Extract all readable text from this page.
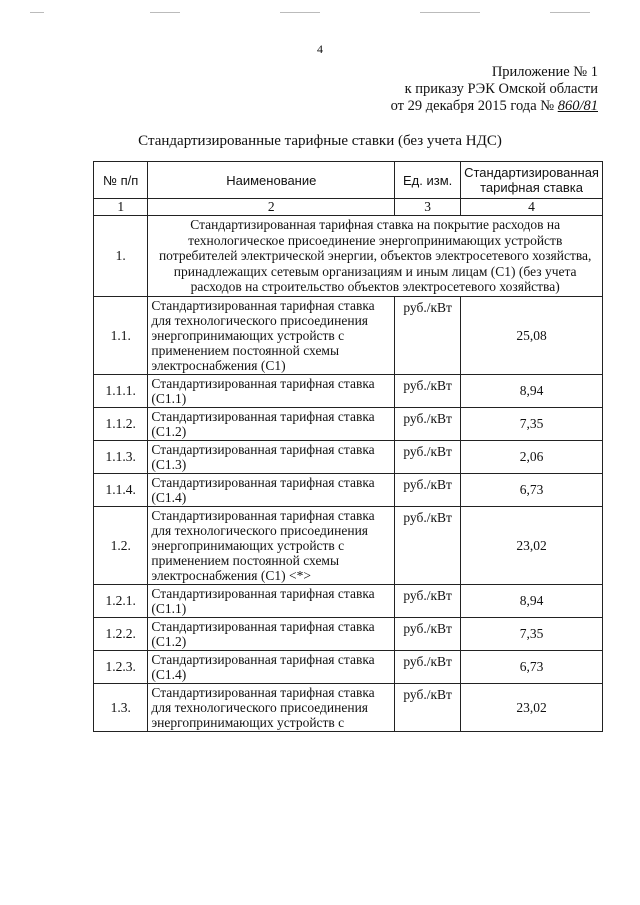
4
Приложение № 1
к приказу РЭК Омской области
от 29 декабря 2015 года № 860/81
Стандартизированные тарифные ставки (без учета НДС)
№ п/п	Наименование	Ед. изм.	Стандартизированная тарифная ставка
1	2	3	4
1.	Стандартизированная тарифная ставка на покрытие расходов на технологическое присоединение энергопринимающих устройств потребителей электрической энергии, объектов электросетевого хозяйства, принадлежащих сетевым организациям и иным лицам (С1) (без учета расходов на строительство объектов электросетевого хозяйства)		
1.1.	Стандартизированная тарифная ставка для технологического присоединения энергопринимающих устройств с применением постоянной схемы электроснабжения (С1)	руб./кВт	25,08
1.1.1.	Стандартизированная тарифная ставка (С1.1)	руб./кВт	8,94
1.1.2.	Стандартизированная тарифная ставка (С1.2)	руб./кВт	7,35
1.1.3.	Стандартизированная тарифная ставка (С1.3)	руб./кВт	2,06
1.1.4.	Стандартизированная тарифная ставка (С1.4)	руб./кВт	6,73
1.2.	Стандартизированная тарифная ставка для технологического присоединения энергопринимающих устройств с применением постоянной схемы электроснабжения (С1) <*>	руб./кВт	23,02
1.2.1.	Стандартизированная тарифная ставка (С1.1)	руб./кВт	8,94
1.2.2.	Стандартизированная тарифная ставка (С1.2)	руб./кВт	7,35
1.2.3.	Стандартизированная тарифная ставка (С1.4)	руб./кВт	6,73
1.3.	Стандартизированная тарифная ставка для технологического присоединения энергопринимающих устройств с	руб./кВт	23,02
